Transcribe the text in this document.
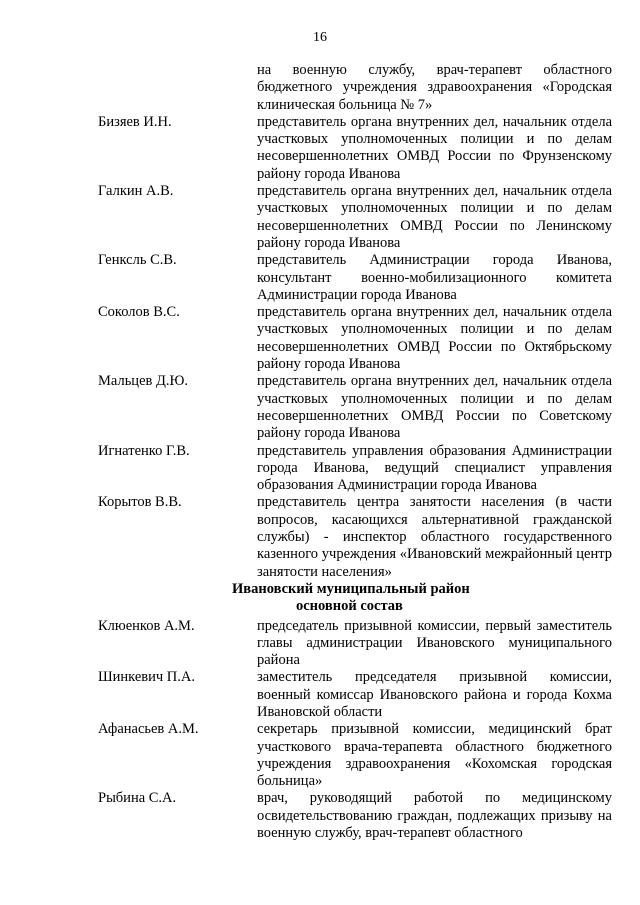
16
на военную службу, врач-терапевт областного бюджетного учреждения здравоохранения «Городская клиническая больница № 7»
Бизяев И.Н.	представитель органа внутренних дел, начальник отдела участковых уполномоченных полиции и по делам несовершеннолетних ОМВД России по Фрунзенскому району города Иванова
Галкин А.В.	представитель органа внутренних дел, начальник отдела участковых уполномоченных полиции и по делам несовершеннолетних ОМВД России по Ленинскому району города Иванова
Генксль С.В.	представитель Администрации города Иванова, консультант военно-мобилизационного комитета Администрации города Иванова
Соколов В.С.	представитель органа внутренних дел, начальник отдела участковых уполномоченных полиции и по делам несовершеннолетних ОМВД России по Октябрьскому району города Иванова
Мальцев Д.Ю.	представитель органа внутренних дел, начальник отдела участковых уполномоченных полиции и по делам несовершеннолетних ОМВД России по Советскому району города Иванова
Игнатенко Г.В.	представитель управления образования Администрации города Иванова, ведущий специалист управления образования Администрации города Иванова
Корытов В.В.	представитель центра занятости населения (в части вопросов, касающихся альтернативной гражданской службы) - инспектор областного государственного казенного учреждения «Ивановский межрайонный центр занятости населения»
Ивановский муниципальный район
основной состав
Клюенков А.М.	председатель призывной комиссии, первый заместитель главы администрации Ивановского муниципального района
Шинкевич П.А.	заместитель председателя призывной комиссии, военный комиссар Ивановского района и города Кохма Ивановской области
Афанасьев А.М.	секретарь призывной комиссии, медицинский брат участкового врача-терапевта областного бюджетного учреждения здравоохранения «Кохомская городская больница»
Рыбина С.А.	врач, руководящий работой по медицинскому освидетельствованию граждан, подлежащих призыву на военную службу, врач-терапевт областного
